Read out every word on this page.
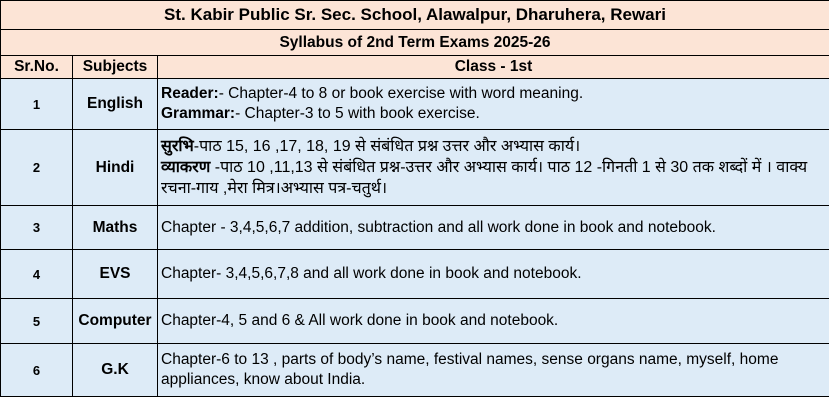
St. Kabir Public Sr. Sec. School, Alawalpur, Dharuhera, Rewari		
Syllabus of 2nd Term Exams 2025-26		
Sr.No.	Subjects	Class - 1st
1	English	Reader:- Chapter-4 to 8 or book exercise with word meaning.
Grammar:- Chapter-3 to 5 with book exercise.

2	Hindi	सुरभि-पाठ 15, 16 ,17, 18, 19 से संबंधित प्रश्न उत्तर और अभ्यास कार्य।
व्याकरण -पाठ 10 ,11,13 से संबंधित प्रश्न-उत्तर और अभ्यास कार्य। पाठ 12 -गिनती 1 से 30 तक शब्दों में । वाक्य रचना-गाय ,मेरा मित्र।अभ्यास पत्र-चतुर्थ।

3	Maths	Chapter - 3,4,5,6,7 addition, subtraction and all work done in book and notebook.
4	EVS	Chapter- 3,4,5,6,7,8 and all work done in book and notebook.
5	Computer	Chapter-4, 5 and 6 & All work done in book and notebook.
6	G.K	Chapter-6 to 13 , parts of body’s name, festival names, sense organs name, myself, home appliances, know about India.
